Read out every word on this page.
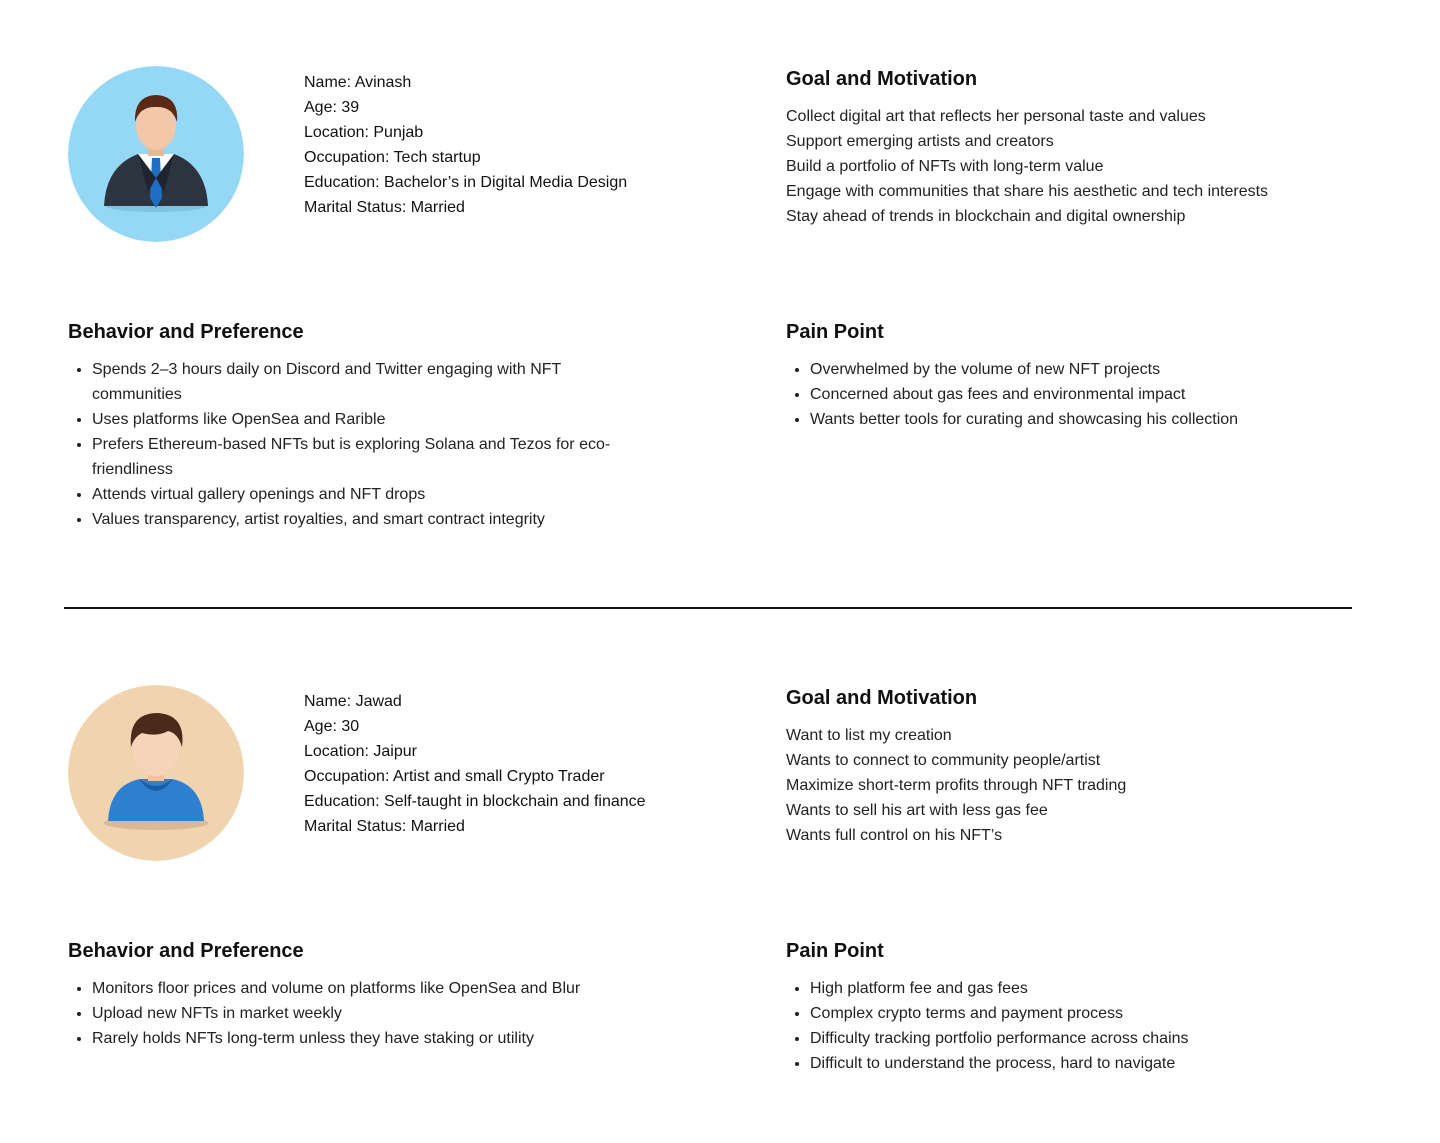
Name: Avinash
Age: 39
Location: Punjab
Occupation: Tech startup
Education: Bachelor’s in Digital Media Design
Marital Status: Married
Goal and Motivation
Collect digital art that reflects her personal taste and values
Support emerging artists and creators
Build a portfolio of NFTs with long-term value
Engage with communities that share his aesthetic and tech interests
Stay ahead of trends in blockchain and digital ownership
Behavior and Preference
• Spends 2–3 hours daily on Discord and Twitter engaging with NFT communities
• Uses platforms like OpenSea and Rarible
• Prefers Ethereum-based NFTs but is exploring Solana and Tezos for eco-friendliness
• Attends virtual gallery openings and NFT drops
• Values transparency, artist royalties, and smart contract integrity
Pain Point
• Overwhelmed by the volume of new NFT projects
• Concerned about gas fees and environmental impact
• Wants better tools for curating and showcasing his collection
Name: Jawad
Age: 30
Location: Jaipur
Occupation: Artist and small Crypto Trader
Education: Self-taught in blockchain and finance
Marital Status: Married
Goal and Motivation
Want to list my creation
Wants to connect to community people/artist
Maximize short-term profits through NFT trading
Wants to sell his art with less gas fee
Wants full control on his NFT’s
Behavior and Preference
• Monitors floor prices and volume on platforms like OpenSea and Blur
• Upload new NFTs in market weekly
• Rarely holds NFTs long-term unless they have staking or utility
Pain Point
• High platform fee and gas fees
• Complex crypto terms and payment process
• Difficulty tracking portfolio performance across chains
• Difficult to understand the process, hard to navigate
